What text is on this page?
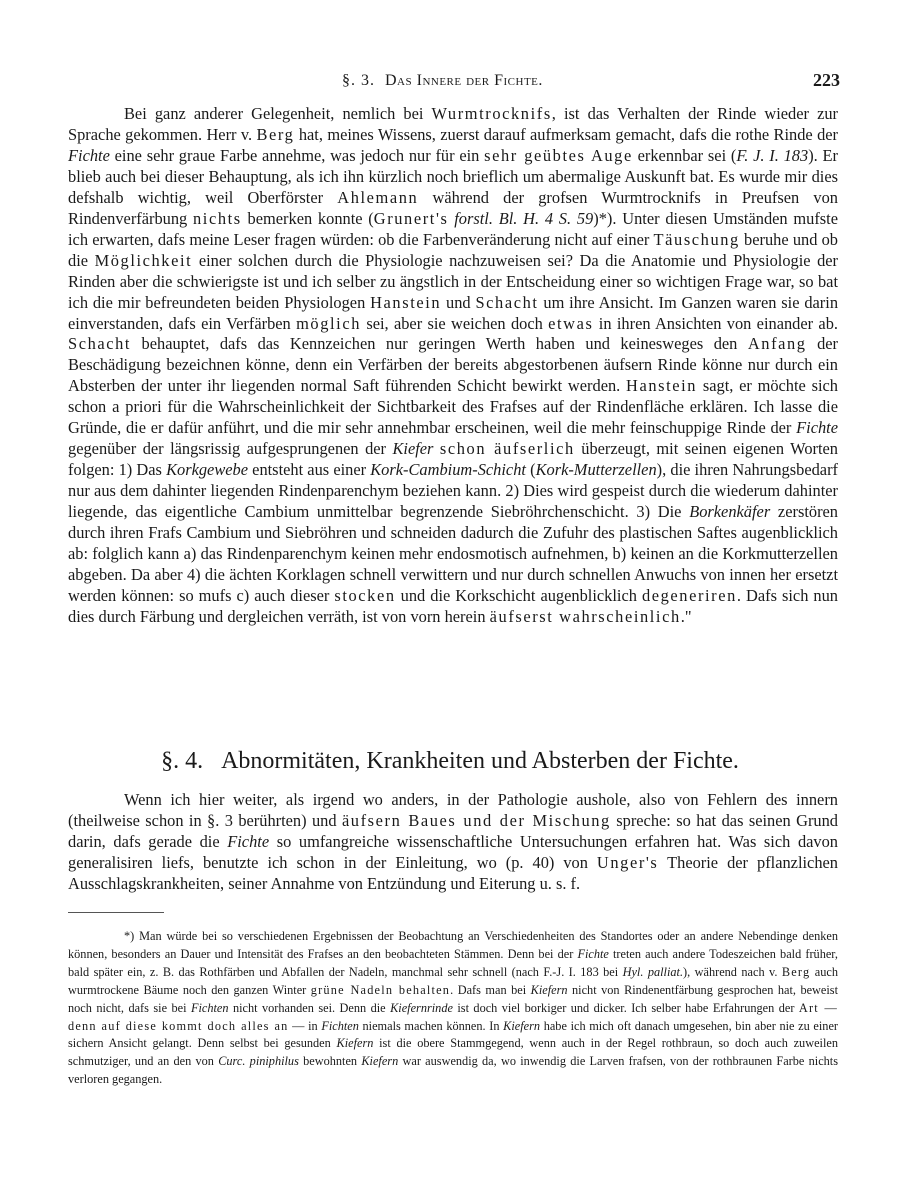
§. 3. Das Innere der Fichte.	223

Bei ganz anderer Gelegenheit, nemlich bei Wurmtrocknifs, ist das Verhalten der Rinde wieder zur Sprache gekommen. Herr v. Berg hat, meines Wissens, zuerst darauf aufmerksam gemacht, dafs die rothe Rinde der Fichte eine sehr graue Farbe annehme, was jedoch nur für ein sehr geübtes Auge erkennbar sei (F. J. I. 183). Er blieb auch bei dieser Behauptung, als ich ihn kürzlich noch brieflich um abermalige Auskunft bat. Es wurde mir dies defshalb wichtig, weil Oberförster Ahlemann während der grofsen Wurmtrocknifs in Preufsen von Rindenverfärbung nichts bemerken konnte (Grunert's forstl. Bl. H. 4 S. 59)*). Unter diesen Umständen mufste ich erwarten, dafs meine Leser fragen würden: ob die Farbenveränderung nicht auf einer Täuschung beruhe und ob die Möglichkeit einer solchen durch die Physiologie nachzuweisen sei? Da die Anatomie und Physiologie der Rinden aber die schwierigste ist und ich selber zu ängstlich in der Entscheidung einer so wichtigen Frage war, so bat ich die mir befreundeten beiden Physiologen Hanstein und Schacht um ihre Ansicht. Im Ganzen waren sie darin einverstanden, dafs ein Verfärben möglich sei, aber sie weichen doch etwas in ihren Ansichten von einander ab. Schacht behauptet, dafs das Kennzeichen nur geringen Werth haben und keinesweges den Anfang der Beschädigung bezeichnen könne, denn ein Verfärben der bereits abgestorbenen äufsern Rinde könne nur durch ein Absterben der unter ihr liegenden normal Saft führenden Schicht bewirkt werden. Hanstein sagt, er möchte sich schon a priori für die Wahrscheinlichkeit der Sichtbarkeit des Frafses auf der Rindenfläche erklären. Ich lasse die Gründe, die er dafür anführt, und die mir sehr annehmbar erscheinen, weil die mehr feinschuppige Rinde der Fichte gegenüber der längsrissig aufgesprungenen der Kiefer schon äufserlich überzeugt, mit seinen eigenen Worten folgen: 1) Das Korkgewebe entsteht aus einer Kork-Cambium-Schicht (Kork-Mutterzellen), die ihren Nahrungsbedarf nur aus dem dahinter liegenden Rindenparenchym beziehen kann. 2) Dies wird gespeist durch die wiederum dahinter liegende, das eigentliche Cambium unmittelbar begrenzende Siebröhrchenschicht. 3) Die Borkenkäfer zerstören durch ihren Frafs Cambium und Siebröhren und schneiden dadurch die Zufuhr des plastischen Saftes augenblicklich ab: folglich kann a) das Rindenparenchym keinen mehr endosmotisch aufnehmen, b) keinen an die Korkmutterzellen abgeben. Da aber 4) die ächten Korklagen schnell verwittern und nur durch schnellen Anwuchs von innen her ersetzt werden können: so mufs c) auch dieser stocken und die Korkschicht augenblicklich degeneriren. Dafs sich nun dies durch Färbung und dergleichen verräth, ist von vorn herein äufserst wahrscheinlich."

§. 4. Abnormitäten, Krankheiten und Absterben der Fichte.

Wenn ich hier weiter, als irgend wo anders, in der Pathologie aushole, also von Fehlern des innern (theilweise schon in §. 3 berührten) und äufsern Baues und der Mischung spreche: so hat das seinen Grund darin, dafs gerade die Fichte so umfangreiche wissenschaftliche Untersuchungen erfahren hat. Was sich davon generalisiren liefs, benutzte ich schon in der Einleitung, wo (p. 40) von Unger's Theorie der pflanzlichen Ausschlagskrankheiten, seiner Annahme von Entzündung und Eiterung u. s. f.

*) Man würde bei so verschiedenen Ergebnissen der Beobachtung an Verschiedenheiten des Standortes oder an andere Nebendinge denken können, besonders an Dauer und Intensität des Frafses an den beobachteten Stämmen. Denn bei der Fichte treten auch andere Todeszeichen bald früher, bald später ein, z. B. das Rothfärben und Abfallen der Nadeln, manchmal sehr schnell (nach F.-J. I. 183 bei Hyl. palliat.), während nach v. Berg auch wurmtrockene Bäume noch den ganzen Winter grüne Nadeln behalten. Dafs man bei Kiefern nicht von Rindenentfärbung gesprochen hat, beweist noch nicht, dafs sie bei Fichten nicht vorhanden sei. Denn die Kiefernrinde ist doch viel borkiger und dicker. Ich selber habe Erfahrungen der Art — denn auf diese kommt doch alles an — in Fichten niemals machen können. In Kiefern habe ich mich oft danach umgesehen, bin aber nie zu einer sichern Ansicht gelangt. Denn selbst bei gesunden Kiefern ist die obere Stammgegend, wenn auch in der Regel rothbraun, so doch auch zuweilen schmutziger, und an den von Curc. piniphilus bewohnten Kiefern war auswendig da, wo inwendig die Larven frafsen, von der rothbraunen Farbe nichts verloren gegangen.
